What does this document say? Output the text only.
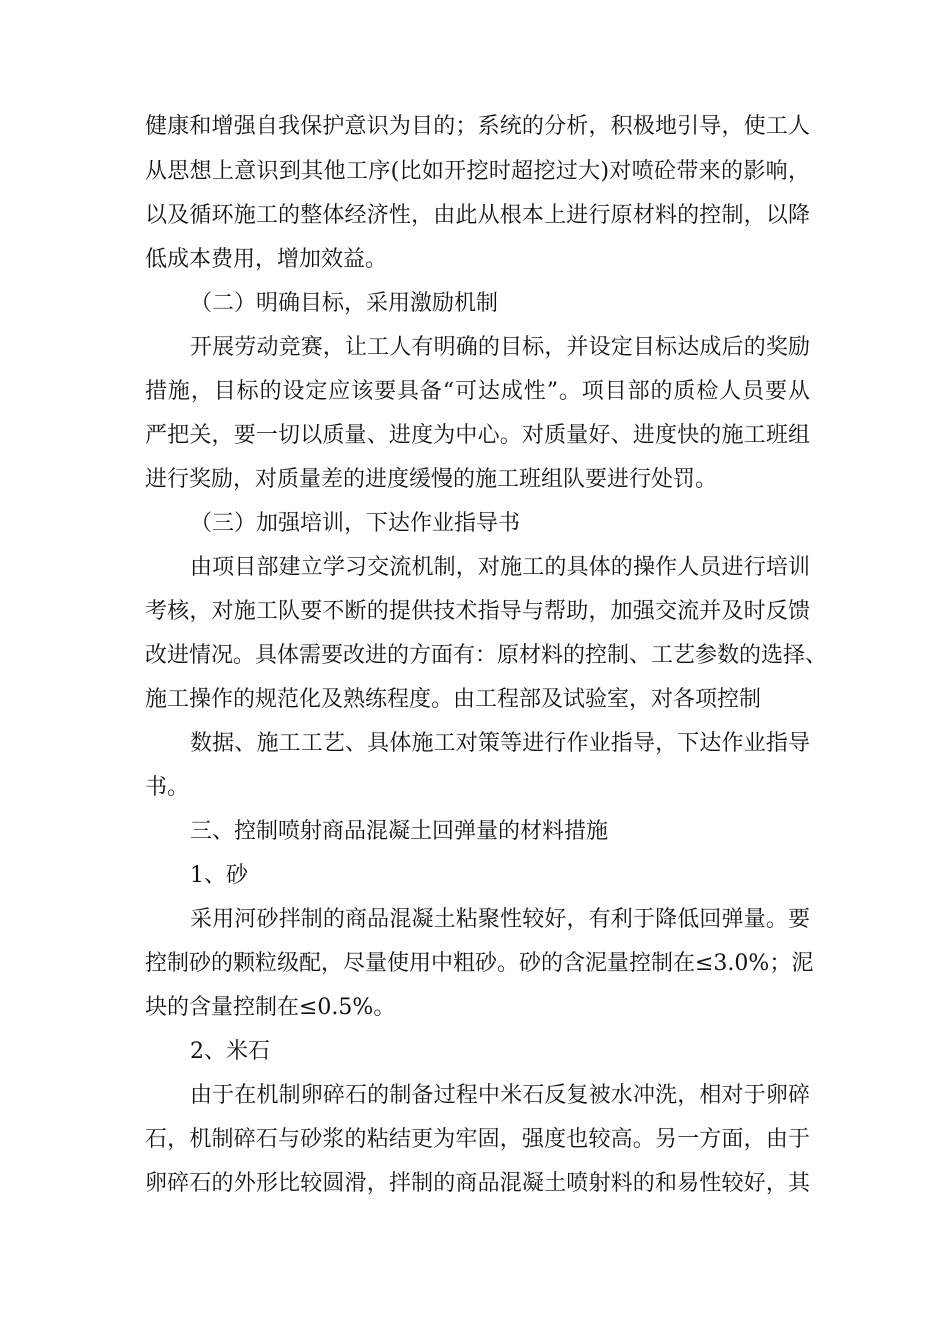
健康和增强自我保护意识为目的；系统的分析，积极地引导，使工人
从思想上意识到其他工序(比如开挖时超挖过大)对喷砼带来的影响，
以及循环施工的整体经济性，由此从根本上进行原材料的控制，以降
低成本费用，增加效益。
（二）明确目标，采用激励机制
开展劳动竞赛，让工人有明确的目标，并设定目标达成后的奖励
措施，目标的设定应该要具备“可达成性”。项目部的质检人员要从
严把关，要一切以质量、进度为中心。对质量好、进度快的施工班组
进行奖励，对质量差的进度缓慢的施工班组队要进行处罚。
（三）加强培训，下达作业指导书
由项目部建立学习交流机制，对施工的具体的操作人员进行培训
考核，对施工队要不断的提供技术指导与帮助，加强交流并及时反馈
改进情况。具体需要改进的方面有：原材料的控制、工艺参数的选择、
施工操作的规范化及熟练程度。由工程部及试验室，对各项控制
数据、施工工艺、具体施工对策等进行作业指导，下达作业指导
书。
三、控制喷射商品混凝土回弹量的材料措施
1、砂
采用河砂拌制的商品混凝土粘聚性较好，有利于降低回弹量。要
控制砂的颗粒级配，尽量使用中粗砂。砂的含泥量控制在≤3.0%；泥
块的含量控制在≤0.5%。
2、米石
由于在机制卵碎石的制备过程中米石反复被水冲洗，相对于卵碎
石，机制碎石与砂浆的粘结更为牢固，强度也较高。另一方面，由于
卵碎石的外形比较圆滑，拌制的商品混凝土喷射料的和易性较好，其
